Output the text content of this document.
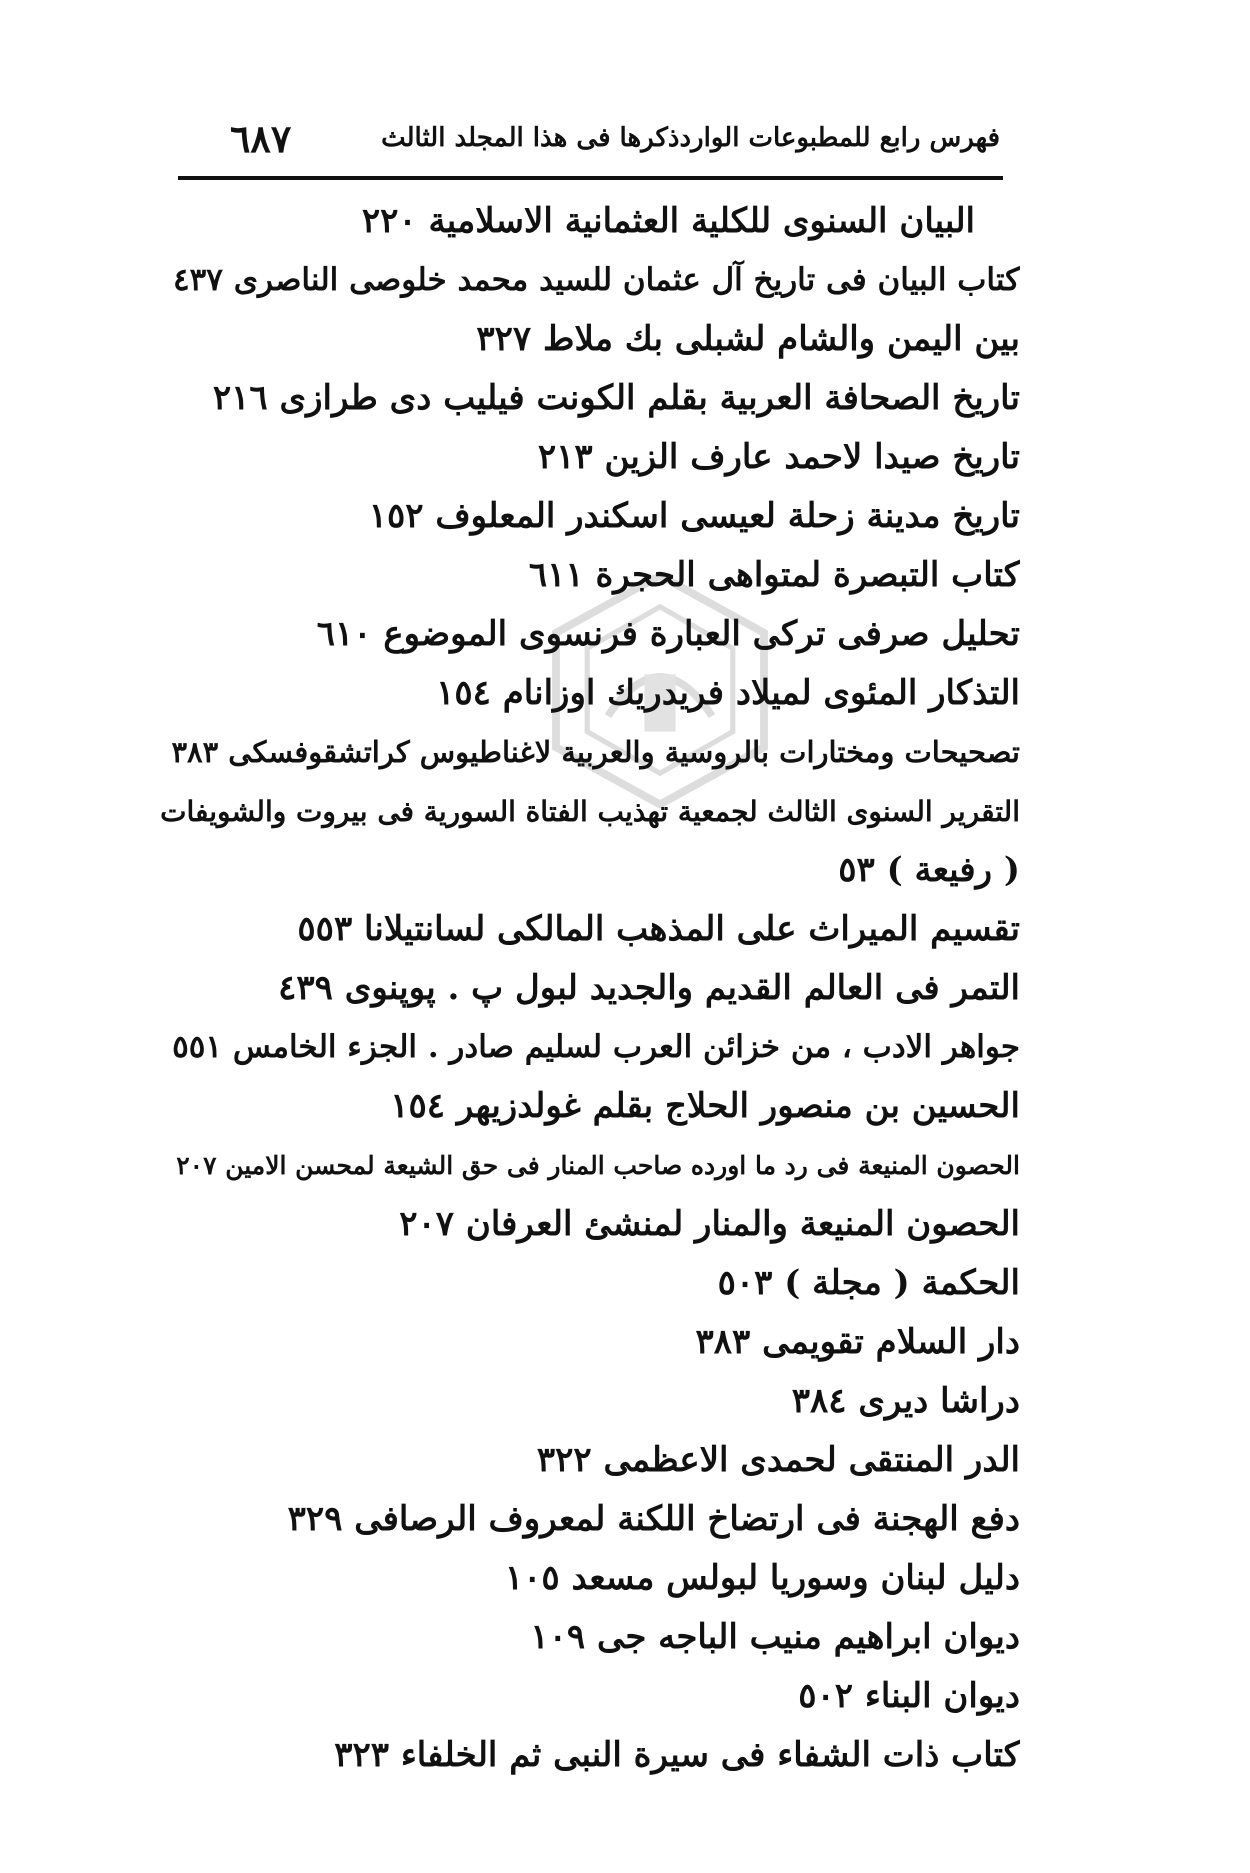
فهرس رابع للمطبوعات الواردذكرها فى هذا المجلد الثالث
٦٨٧
البيان السنوى للكلية العثمانية الاسلامية ٢٢٠
كتاب البيان فى تاريخ آل عثمان للسيد محمد خلوصى الناصرى ٤٣٧
بين اليمن والشام لشبلى بك ملاط ٣٢٧
تاريخ الصحافة العربية بقلم الكونت فيليب دى طرازى ٢١٦
تاريخ صيدا لاحمد عارف الزين ٢١٣
تاريخ مدينة زحلة لعيسى اسكندر المعلوف ١٥٢
كتاب التبصرة لمتواهى الحجرة ٦١١
تحليل صرفى تركى العبارة فرنسوى الموضوع ٦١٠
التذكار المئوى لميلاد فريدريك اوزانام ١٥٤
تصحيحات ومختارات بالروسية والعربية لاغناطيوس كراتشقوفسكى ٣٨٣
التقرير السنوى الثالث لجمعية تهذيب الفتاة السورية فى بيروت والشويفات
( رفيعة ) ٥٣
تقسيم الميراث على المذهب المالكى لسانتيلانا ٥٥٣
التمر فى العالم القديم والجديد لبول پ . پوپنوى ٤٣٩
جواهر الادب ، من خزائن العرب لسليم صادر . الجزء الخامس ٥٥١
الحسين بن منصور الحلاج بقلم غولدزيهر ١٥٤
الحصون المنيعة فى رد ما اورده صاحب المنار فى حق الشيعة لمحسن الامين ٢٠٧
الحصون المنيعة والمنار لمنشئ العرفان ٢٠٧
الحكمة ( مجلة ) ٥٠٣
دار السلام تقويمى ٣٨٣
دراشا دیری ٣٨٤
الدر المنتقى لحمدى الاعظمى ٣٢٢
دفع الهجنة فى ارتضاخ اللكنة لمعروف الرصافى ٣٢٩
دليل لبنان وسوريا لبولس مسعد ١٠٥
ديوان ابراهيم منيب الباجه جى ١٠٩
ديوان البناء ٥٠٢
كتاب ذات الشفاء فى سيرة النبى ثم الخلفاء ٣٢٣
